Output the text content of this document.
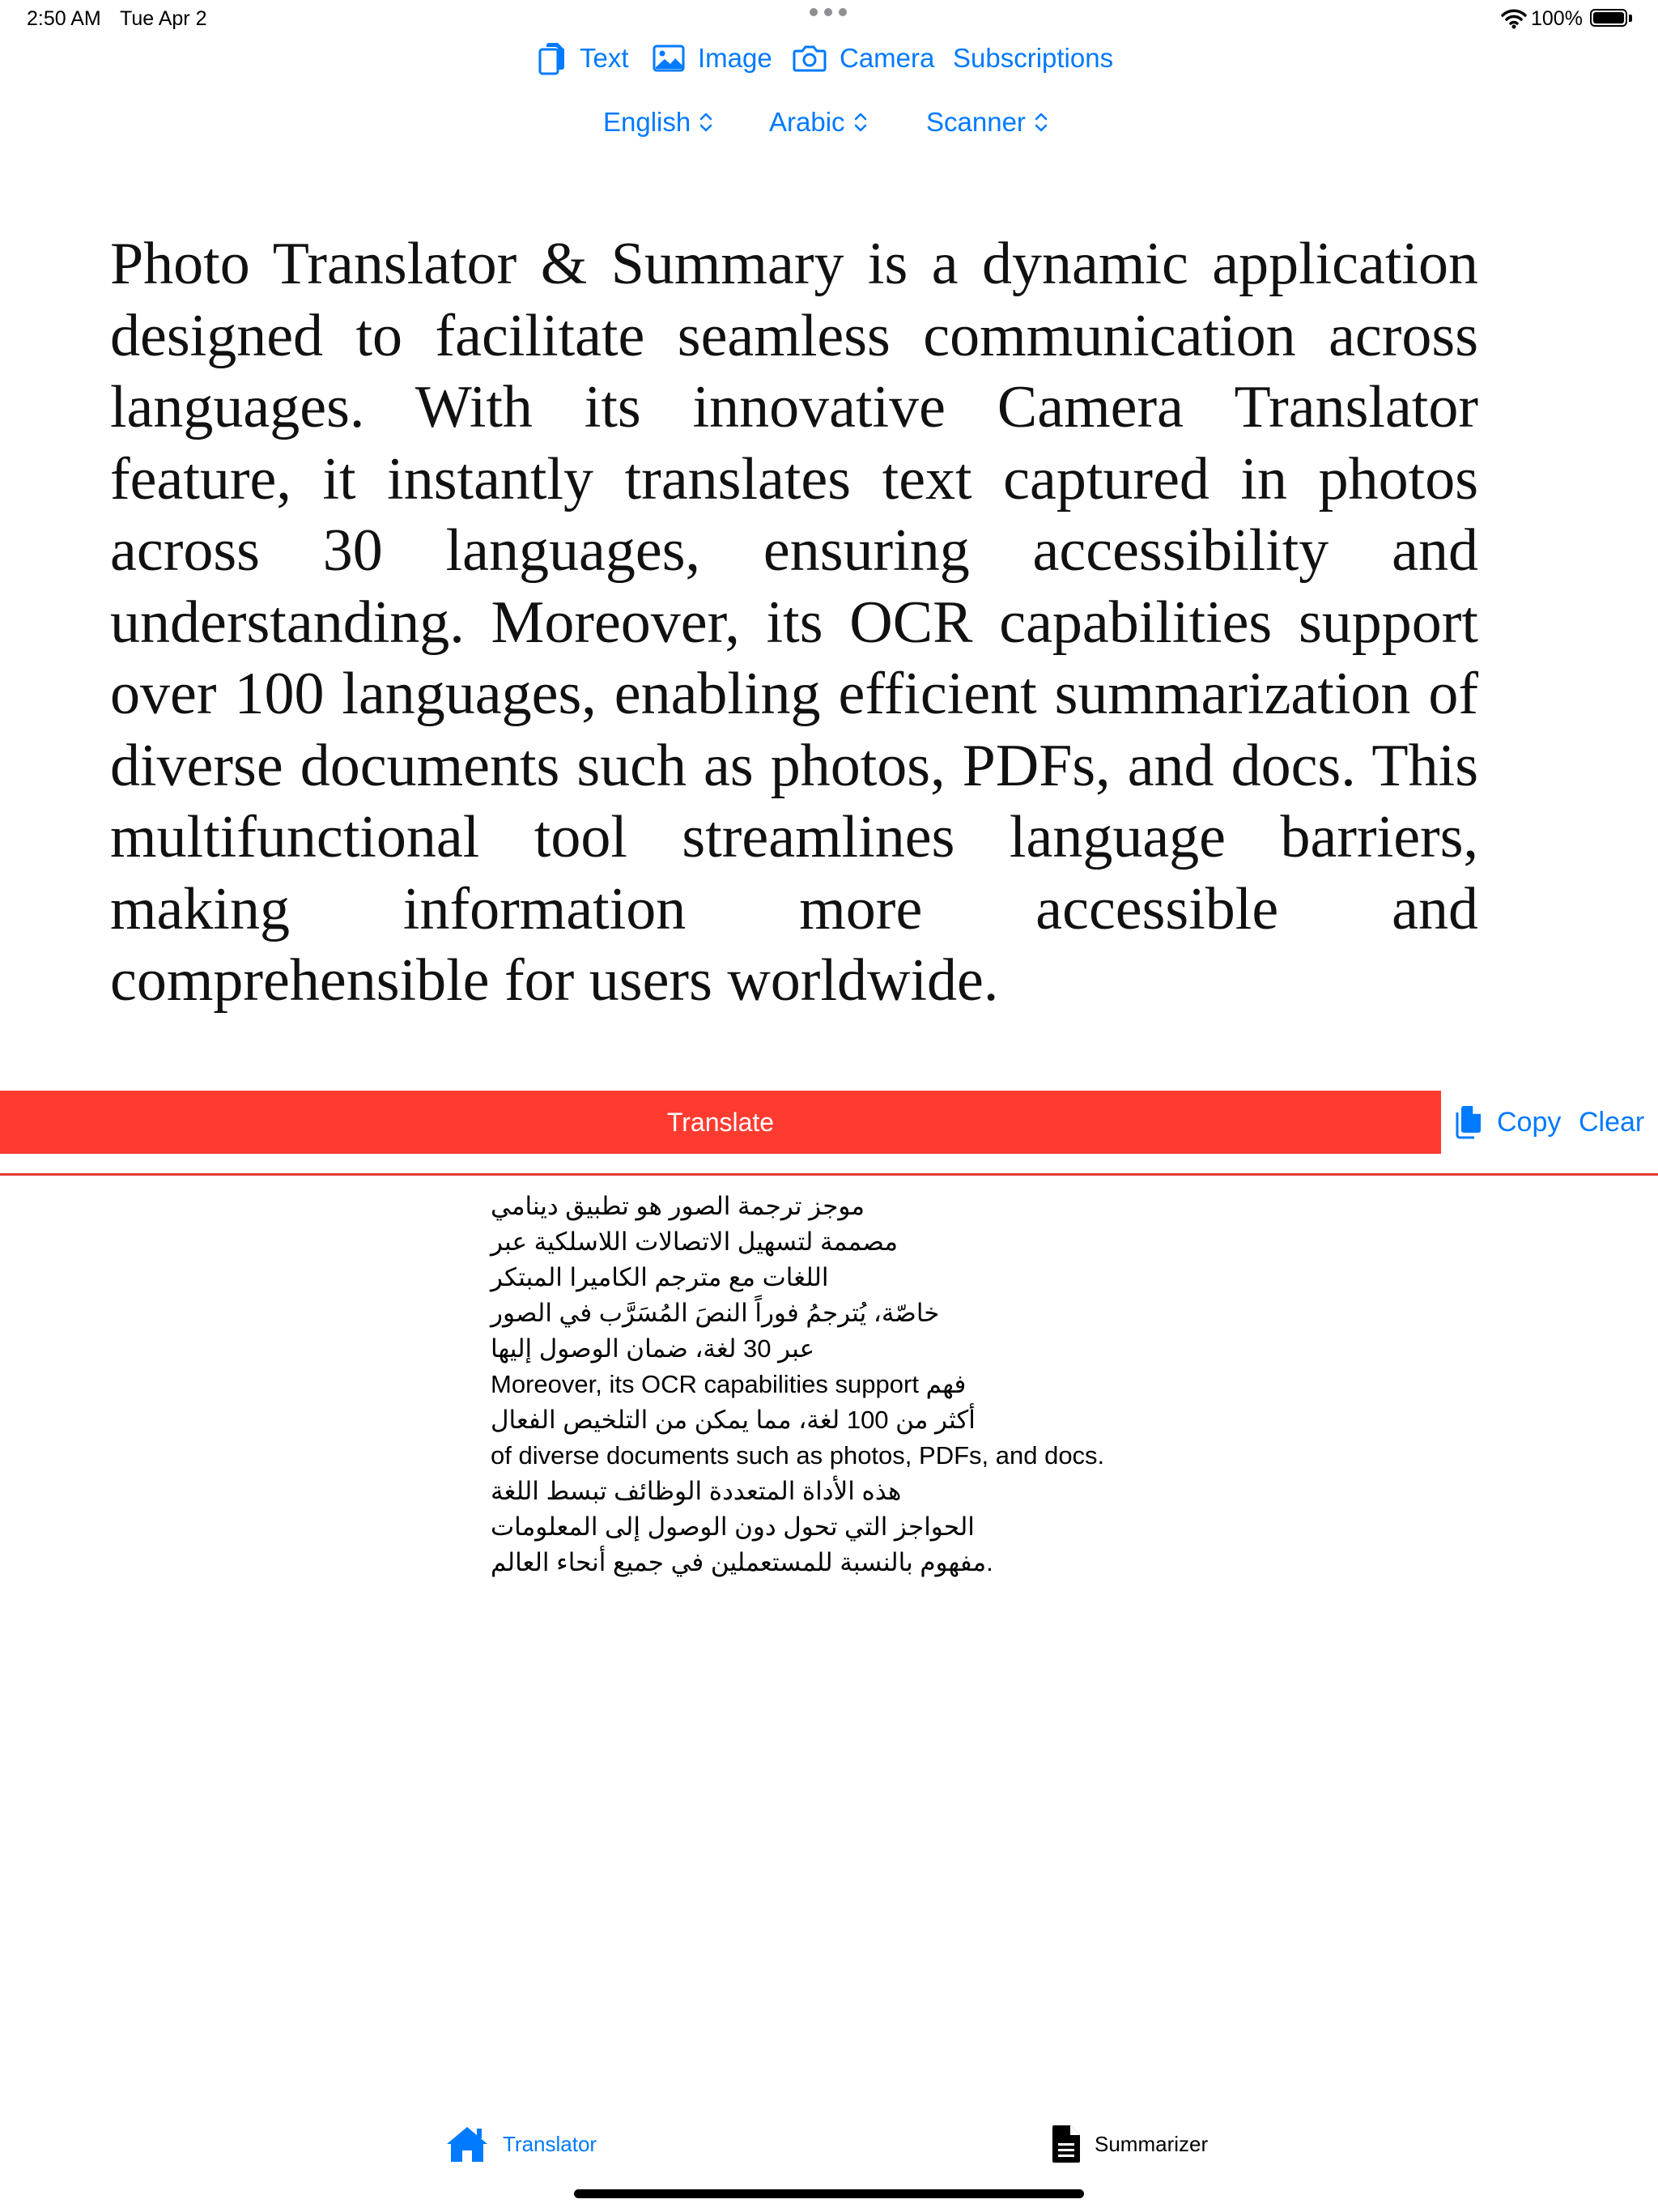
2:50 AM Tue Apr 2	100%
Text	Image	Camera Subscriptions
English	Arabic	Scanner
Photo Translator & Summary is a dynamic application designed to facilitate seamless communication across languages. With its innovative Camera Translator feature, it instantly translates text captured in photos across 30 languages, ensuring accessibility and understanding. Moreover, its OCR capabilities support over 100 languages, enabling efficient summarization of diverse documents such as photos, PDFs, and docs. This multifunctional tool streamlines language barriers, making information more accessible and comprehensible for users worldwide.
Translate	Copy Clear
موجز ترجمة الصور هو تطبيق دينامي
مصممة لتسهيل الاتصالات اللاسلكية عبر
اللغات مع مترجم الكاميرا المبتكر
خاصّة، يُترجمُ فوراً النصَ المُسَرَّب في الصور
عبر 30 لغة، ضمان الوصول إليها
Moreover, its OCR capabilities support فهم
أكثر من 100 لغة، مما يمكن من التلخيص الفعال
of diverse documents such as photos, PDFs, and docs.
هذه الأداة المتعددة الوظائف تبسط اللغة
الحواجز التي تحول دون الوصول إلى المعلومات
مفهوم بالنسبة للمستعملين في جميع أنحاء العالم.
Translator	Summarizer
